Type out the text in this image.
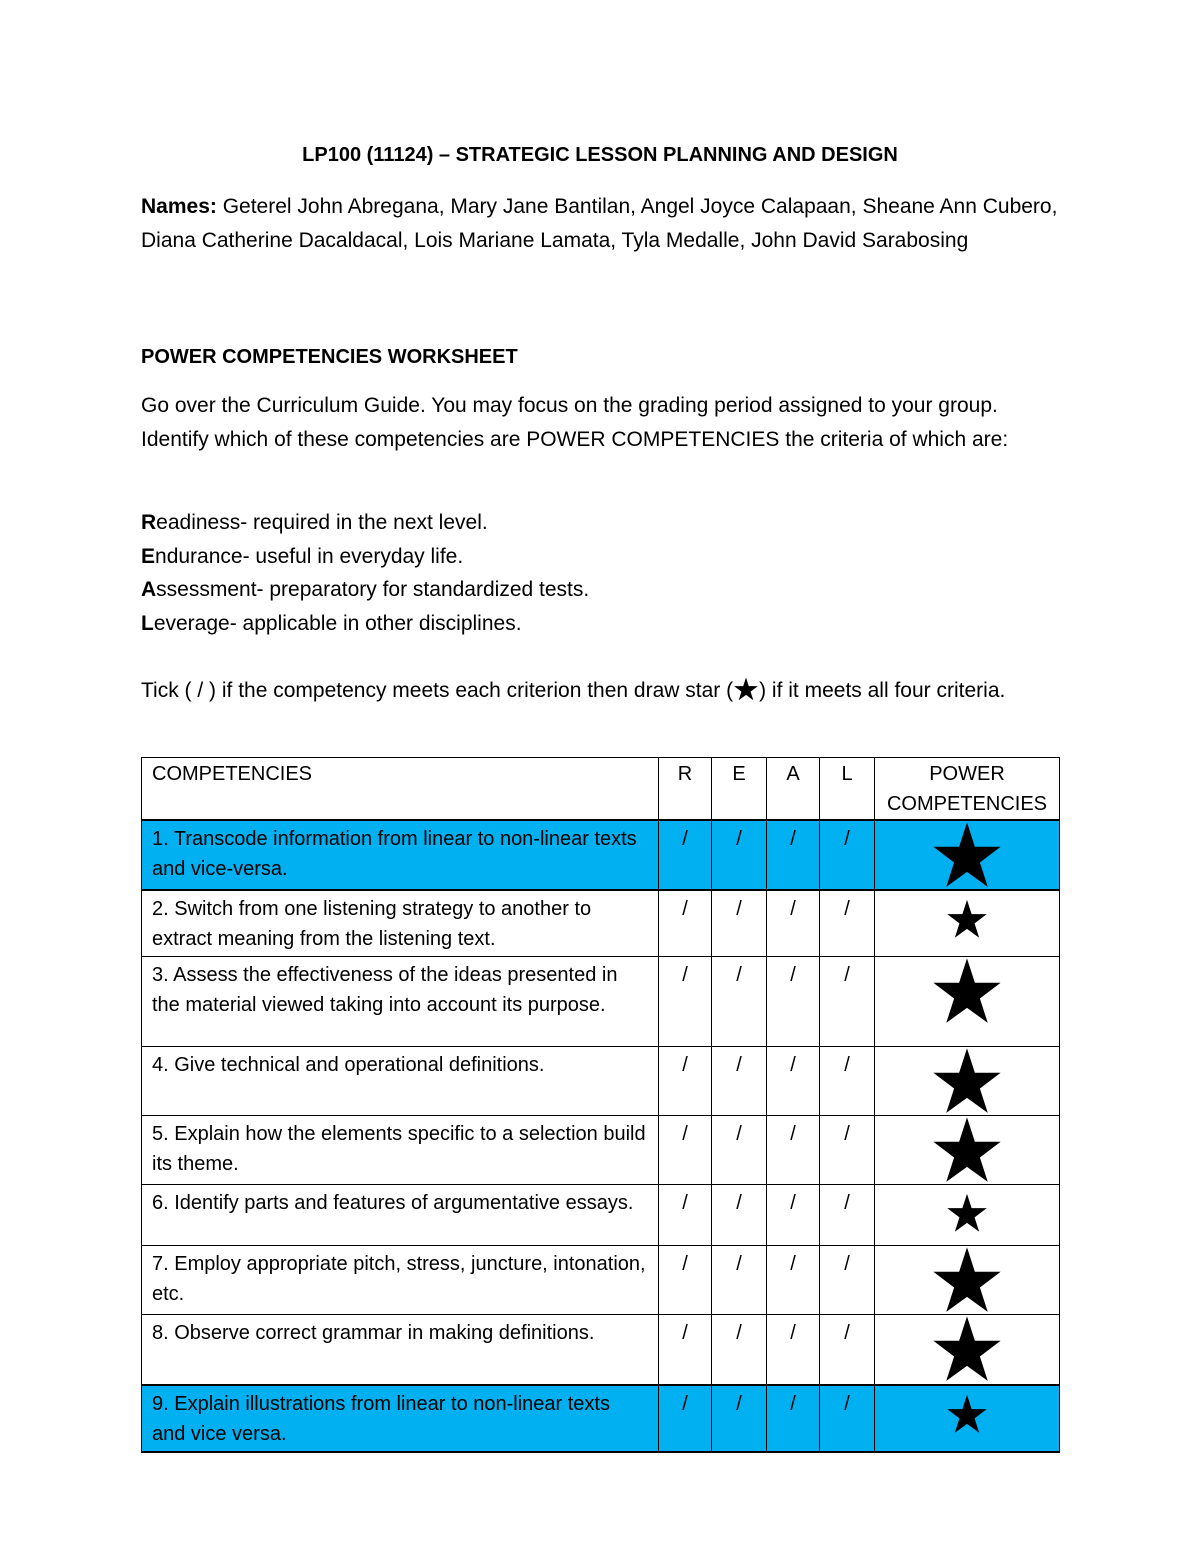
LP100 (11124) – STRATEGIC LESSON PLANNING AND DESIGN
Names: Geterel John Abregana, Mary Jane Bantilan, Angel Joyce Calapaan, Sheane Ann Cubero, Diana Catherine Dacaldacal, Lois Mariane Lamata, Tyla Medalle, John David Sarabosing
POWER COMPETENCIES WORKSHEET
Go over the Curriculum Guide. You may focus on the grading period assigned to your group. Identify which of these competencies are POWER COMPETENCIES the criteria of which are:
Readiness- required in the next level.
Endurance- useful in everyday life.
Assessment- preparatory for standardized tests.
Leverage- applicable in other disciplines.
Tick ( / ) if the competency meets each criterion then draw star ( ) if it meets all four criteria.
COMPETENCIES	R	E	A	L	POWER COMPETENCIES
1. Transcode information from linear to non-linear texts and vice-versa.	/	/	/	/	

2. Switch from one listening strategy to another to extract meaning from the listening text.	/	/	/	/	

3. Assess the effectiveness of the ideas presented in the material viewed taking into account its purpose.	/	/	/	/	

4. Give technical and operational definitions.	/	/	/	/	

5. Explain how the elements specific to a selection build its theme.	/	/	/	/	

6. Identify parts and features of argumentative essays.	/	/	/	/	

7. Employ appropriate pitch, stress, juncture, intonation, etc.	/	/	/	/	

8. Observe correct grammar in making definitions.	/	/	/	/	

9. Explain illustrations from linear to non-linear texts and vice versa.	/	/	/	/	
